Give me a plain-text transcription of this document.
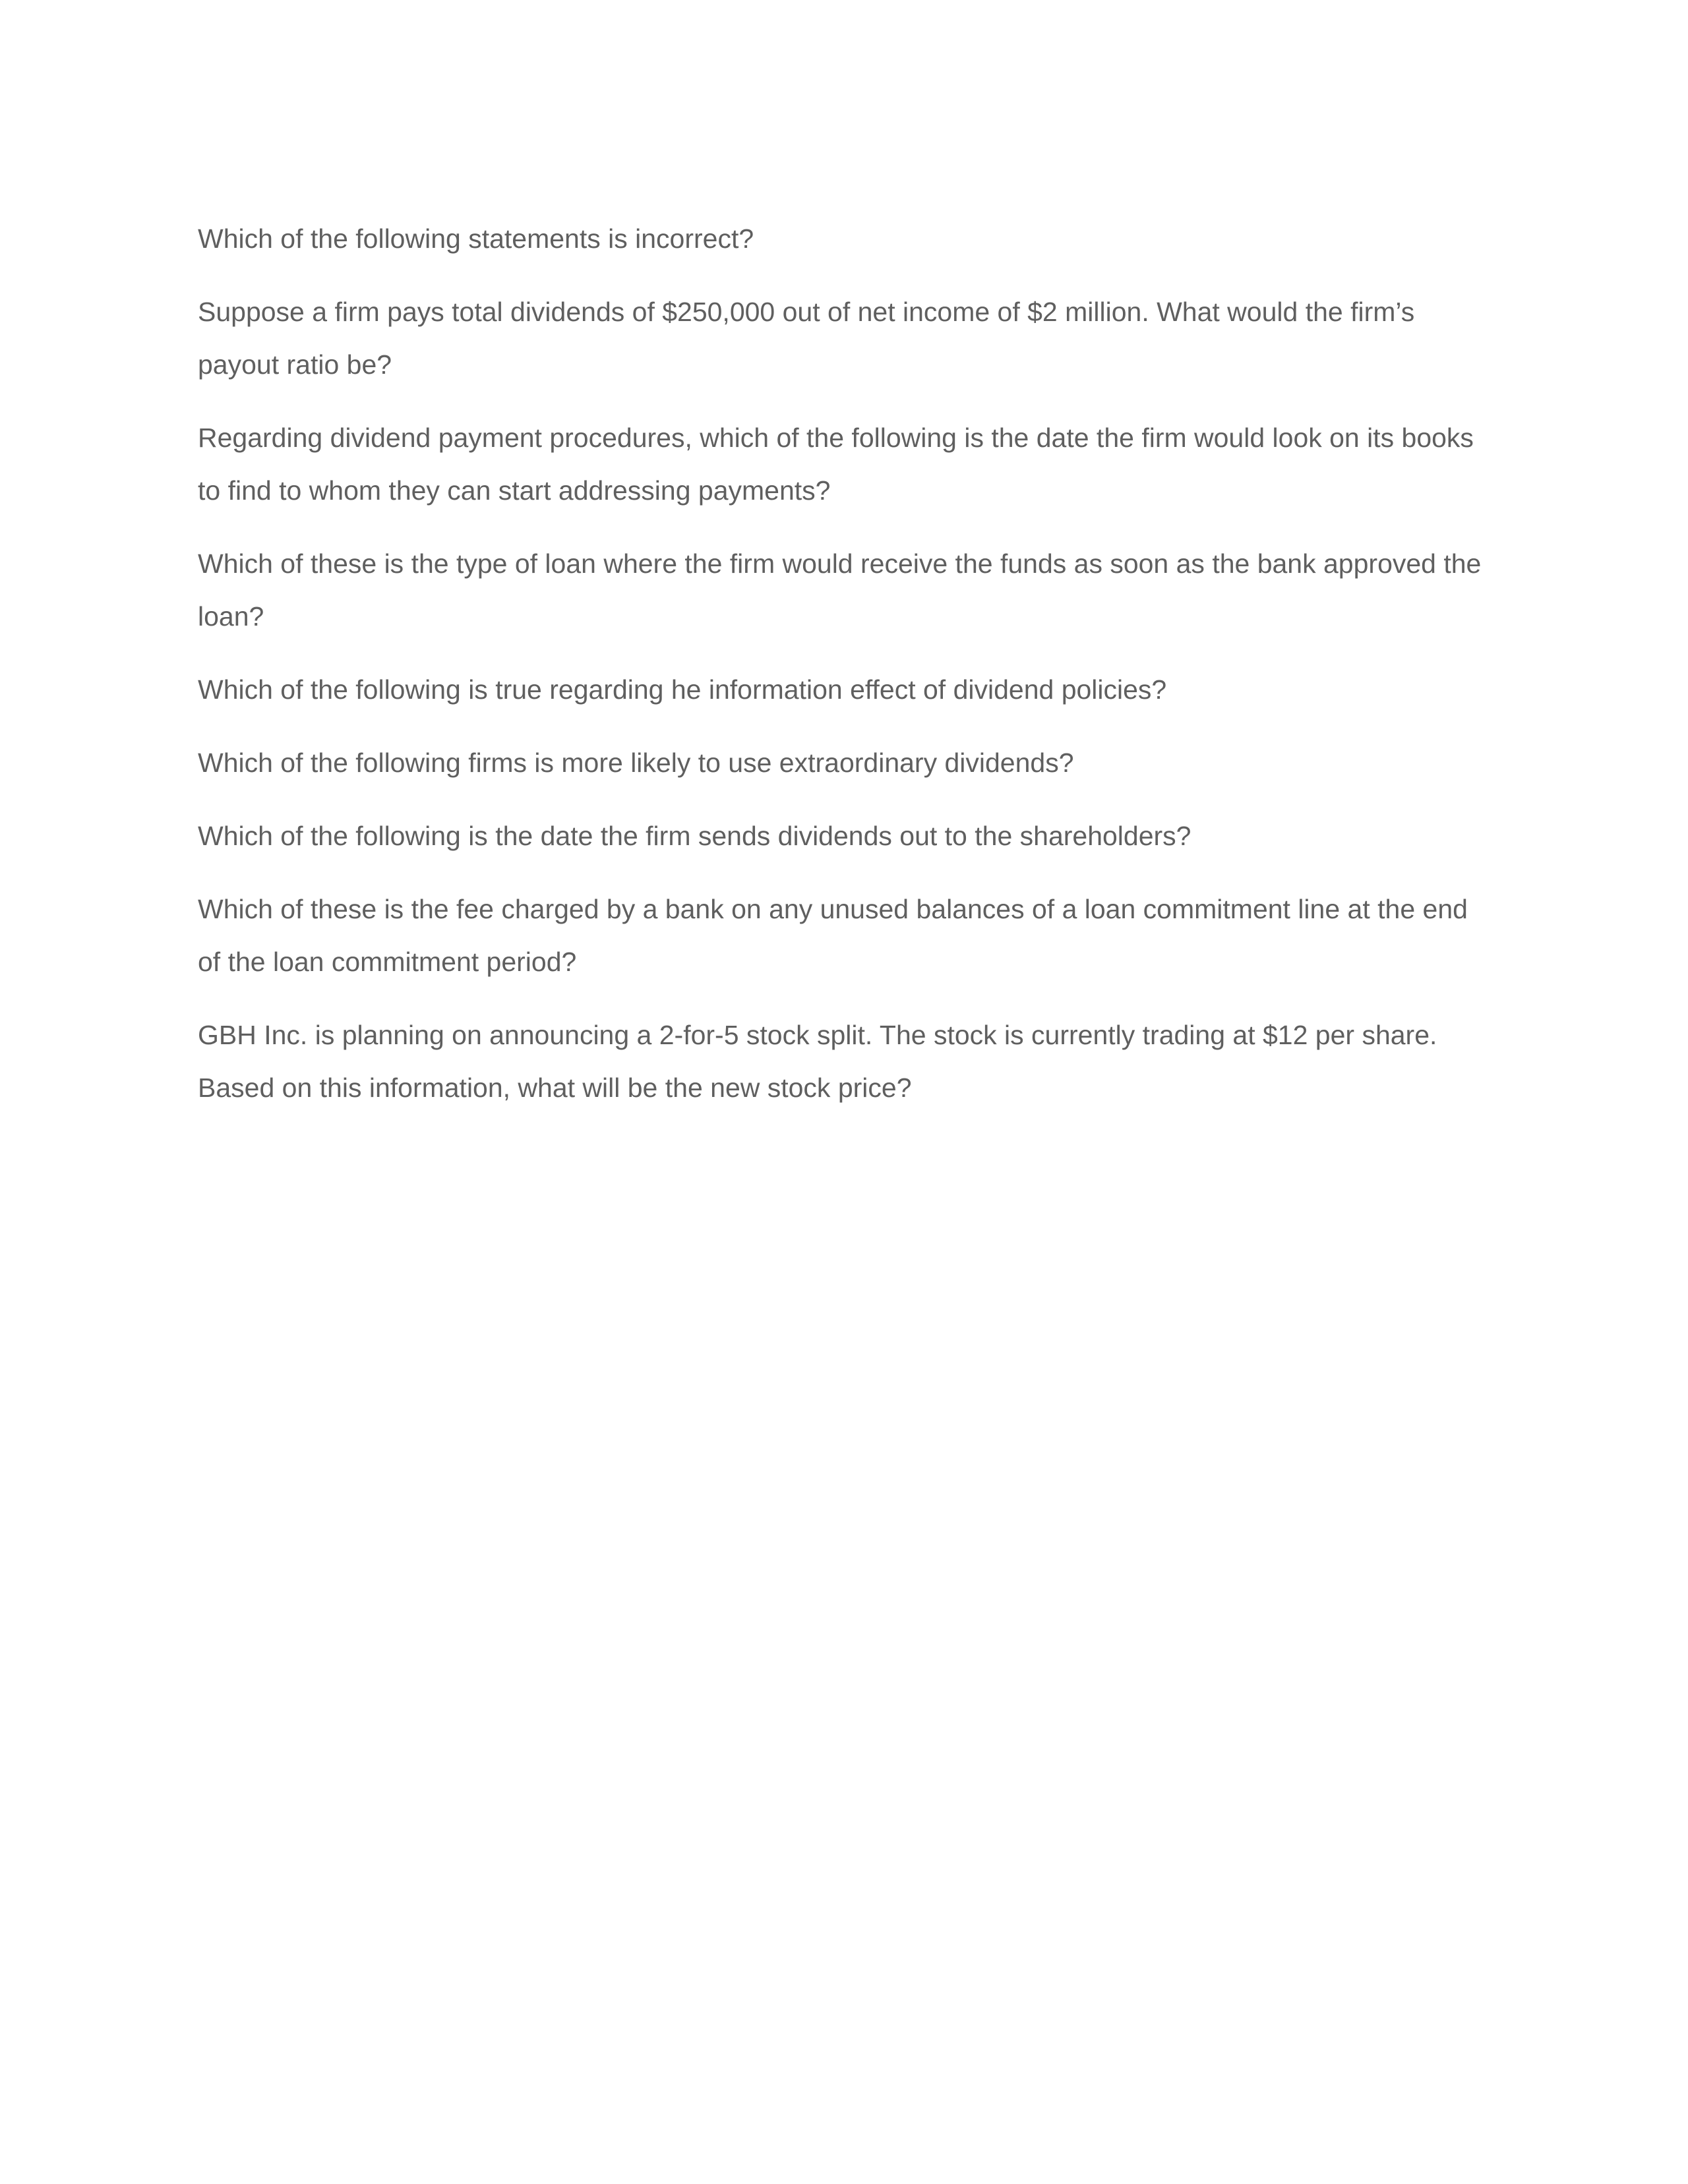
Which of the following statements is incorrect?

Suppose a firm pays total dividends of $250,000 out of net income of $2 million. What would the firm’s payout ratio be?

Regarding dividend payment procedures, which of the following is the date the firm would look on its books to find to whom they can start addressing payments?

Which of these is the type of loan where the firm would receive the funds as soon as the bank approved the loan?

Which of the following is true regarding he information effect of dividend policies?

Which of the following firms is more likely to use extraordinary dividends?

Which of the following is the date the firm sends dividends out to the shareholders?

Which of these is the fee charged by a bank on any unused balances of a loan commitment line at the end of the loan commitment period?

GBH Inc. is planning on announcing a 2-for-5 stock split. The stock is currently trading at $12 per share. Based on this information, what will be the new stock price?
